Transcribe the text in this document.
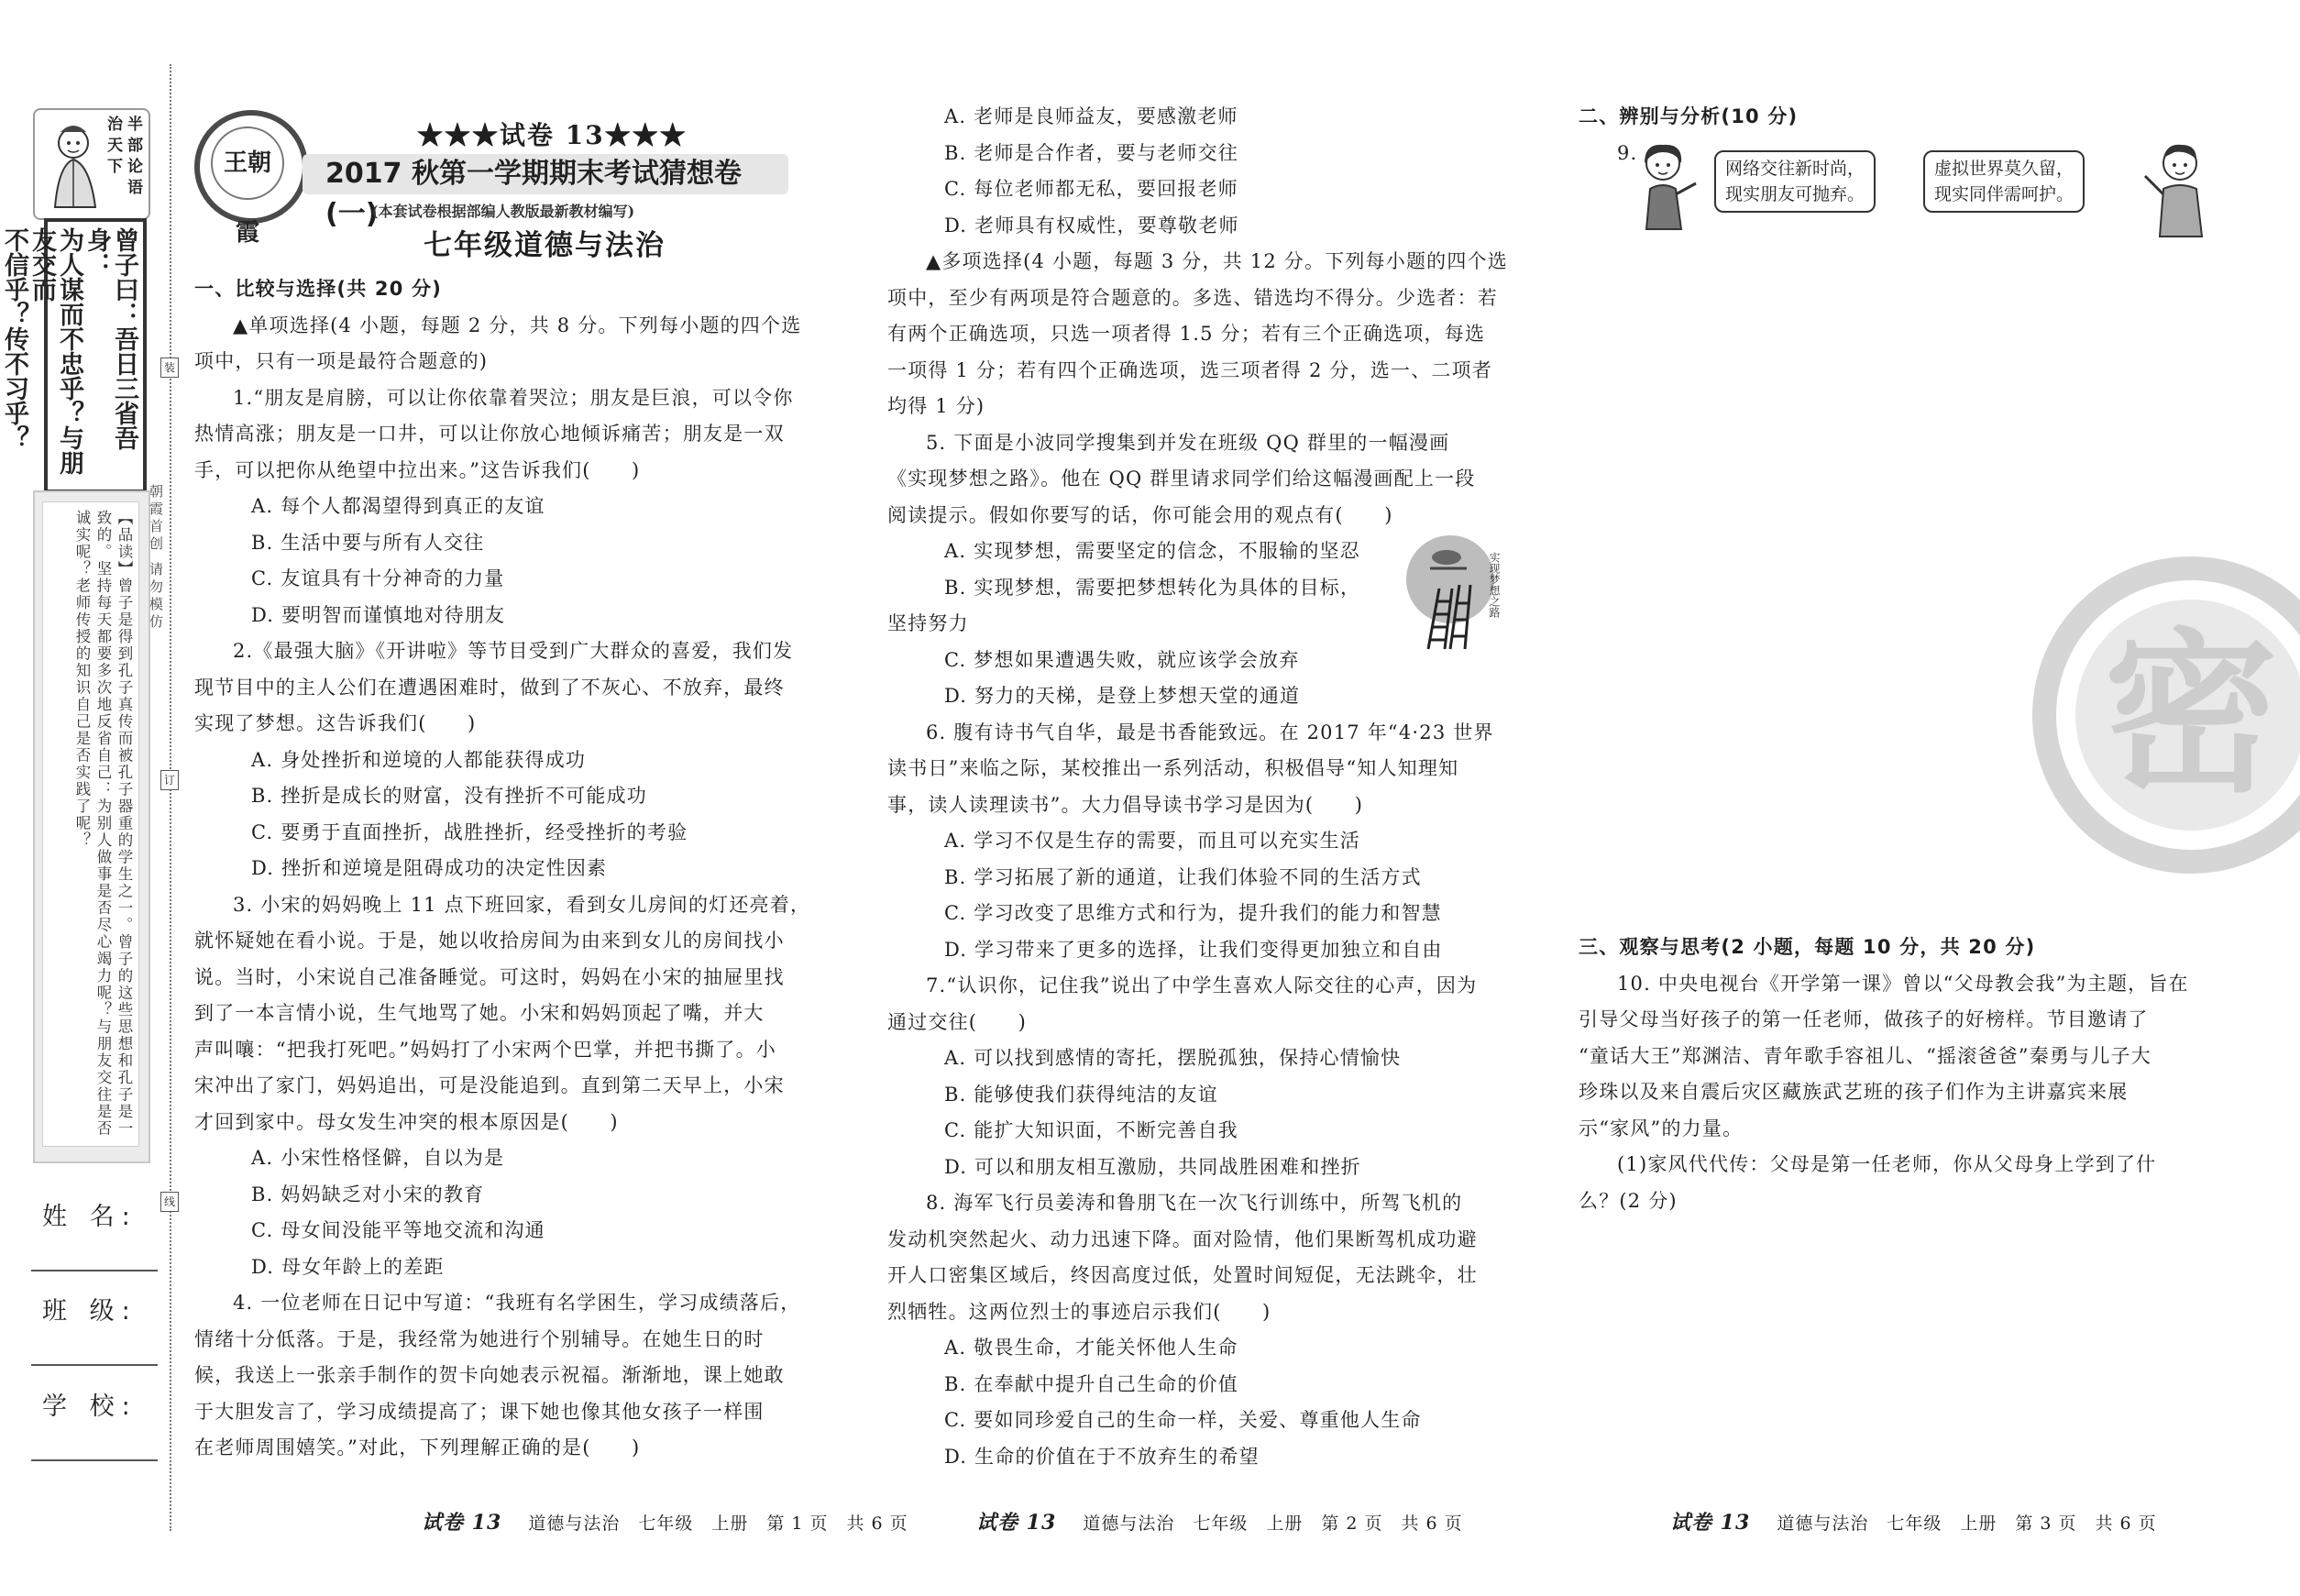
半部论语治天下
曾子曰：吾日三省吾身：
为人谋而不忠乎？与朋友交而
不信乎？传不习乎？
【品读】曾子是得到孔子真传而被孔子器重的学生之一。曾子的这些思想和孔子是一致的。坚持每天都要多次地反省自己：为别人做事是否尽心竭力呢？与朋友交往是否诚实呢？老师传授的知识自己是否实践了呢？
姓 名:
班 级:
学 校:
装
订
线
朝霞首创 请勿模仿
王朝霞
★★★试卷 13★★★
2017 秋第一学期期末考试猜想卷(一)
(本套试卷根据部编人教版最新教材编写)
七年级道德与法治

一、比较与选择(共 20 分)

▲单项选择(4 小题，每题 2 分，共 8 分。下列每小题的四个选

项中，只有一项是最符合题意的)

1.“朋友是肩膀，可以让你依靠着哭泣；朋友是巨浪，可以令你

热情高涨；朋友是一口井，可以让你放心地倾诉痛苦；朋友是一双

手，可以把你从绝望中拉出来。”这告诉我们(　　)

A. 每个人都渴望得到真正的友谊

B. 生活中要与所有人交往

C. 友谊具有十分神奇的力量

D. 要明智而谨慎地对待朋友

2.《最强大脑》《开讲啦》等节目受到广大群众的喜爱，我们发

现节目中的主人公们在遭遇困难时，做到了不灰心、不放弃，最终

实现了梦想。这告诉我们(　　)

A. 身处挫折和逆境的人都能获得成功

B. 挫折是成长的财富，没有挫折不可能成功

C. 要勇于直面挫折，战胜挫折，经受挫折的考验

D. 挫折和逆境是阻碍成功的决定性因素

3. 小宋的妈妈晚上 11 点下班回家，看到女儿房间的灯还亮着，

就怀疑她在看小说。于是，她以收拾房间为由来到女儿的房间找小

说。当时，小宋说自己准备睡觉。可这时，妈妈在小宋的抽屉里找

到了一本言情小说，生气地骂了她。小宋和妈妈顶起了嘴，并大

声叫嚷：“把我打死吧。”妈妈打了小宋两个巴掌，并把书撕了。小

宋冲出了家门，妈妈追出，可是没能追到。直到第二天早上，小宋

才回到家中。母女发生冲突的根本原因是(　　)

A. 小宋性格怪僻，自以为是

B. 妈妈缺乏对小宋的教育

C. 母女间没能平等地交流和沟通

D. 母女年龄上的差距

4. 一位老师在日记中写道：“我班有名学困生，学习成绩落后，

情绪十分低落。于是，我经常为她进行个别辅导。在她生日的时

候，我送上一张亲手制作的贺卡向她表示祝福。渐渐地，课上她敢

于大胆发言了，学习成绩提高了；课下她也像其他女孩子一样围

在老师周围嬉笑。”对此，下列理解正确的是(　　)

A. 老师是良师益友，要感激老师

B. 老师是合作者，要与老师交往

C. 每位老师都无私，要回报老师

D. 老师具有权威性，要尊敬老师

▲多项选择(4 小题，每题 3 分，共 12 分。下列每小题的四个选

项中，至少有两项是符合题意的。多选、错选均不得分。少选者：若

有两个正确选项，只选一项者得 1.5 分；若有三个正确选项，每选

一项得 1 分；若有四个正确选项，选三项者得 2 分，选一、二项者

均得 1 分)

5. 下面是小波同学搜集到并发在班级 QQ 群里的一幅漫画

《实现梦想之路》。他在 QQ 群里请求同学们给这幅漫画配上一段

阅读提示。假如你要写的话，你可能会用的观点有(　　)

A. 实现梦想，需要坚定的信念，不服输的坚忍

B. 实现梦想，需要把梦想转化为具体的目标，

坚持努力

C. 梦想如果遭遇失败，就应该学会放弃

D. 努力的天梯，是登上梦想天堂的通道

6. 腹有诗书气自华，最是书香能致远。在 2017 年“4·23 世界

读书日”来临之际，某校推出一系列活动，积极倡导“知人知理知

事，读人读理读书”。大力倡导读书学习是因为(　　)

A. 学习不仅是生存的需要，而且可以充实生活

B. 学习拓展了新的通道，让我们体验不同的生活方式

C. 学习改变了思维方式和行为，提升我们的能力和智慧

D. 学习带来了更多的选择，让我们变得更加独立和自由

7.“认识你，记住我”说出了中学生喜欢人际交往的心声，因为

通过交往(　　)

A. 可以找到感情的寄托，摆脱孤独，保持心情愉快

B. 能够使我们获得纯洁的友谊

C. 能扩大知识面，不断完善自我

D. 可以和朋友相互激励，共同战胜困难和挫折

8. 海军飞行员姜涛和鲁朋飞在一次飞行训练中，所驾飞机的

发动机突然起火、动力迅速下降。面对险情，他们果断驾机成功避

开人口密集区域后，终因高度过低，处置时间短促，无法跳伞，壮

烈牺牲。这两位烈士的事迹启示我们(　　)

A. 敬畏生命，才能关怀他人生命

B. 在奉献中提升自己生命的价值

C. 要如同珍爱自己的生命一样，关爱、尊重他人生命

D. 生命的价值在于不放弃生的希望

实现梦想之路

二、辨别与分析(10 分)

9.

网络交往新时尚，
现实朋友可抛弃。
虚拟世界莫久留，
现实同伴需呵护。

三、观察与思考(2 小题，每题 10 分，共 20 分)

10. 中央电视台《开学第一课》曾以“父母教会我”为主题，旨在

引导父母当好孩子的第一任老师，做孩子的好榜样。节目邀请了

“童话大王”郑渊洁、青年歌手容祖儿、“摇滚爸爸”秦勇与儿子大

珍珠以及来自震后灾区藏族武艺班的孩子们作为主讲嘉宾来展

示“家风”的力量。

(1)家风代代传：父母是第一任老师，你从父母身上学到了什

么？(2 分)

密
试卷 13 道德与法治　七年级　上册　第 1 页　共 6 页	试卷 13 道德与法治　七年级　上册　第 2 页　共 6 页	试卷 13 道德与法治　七年级　上册　第 3 页　共 6 页
